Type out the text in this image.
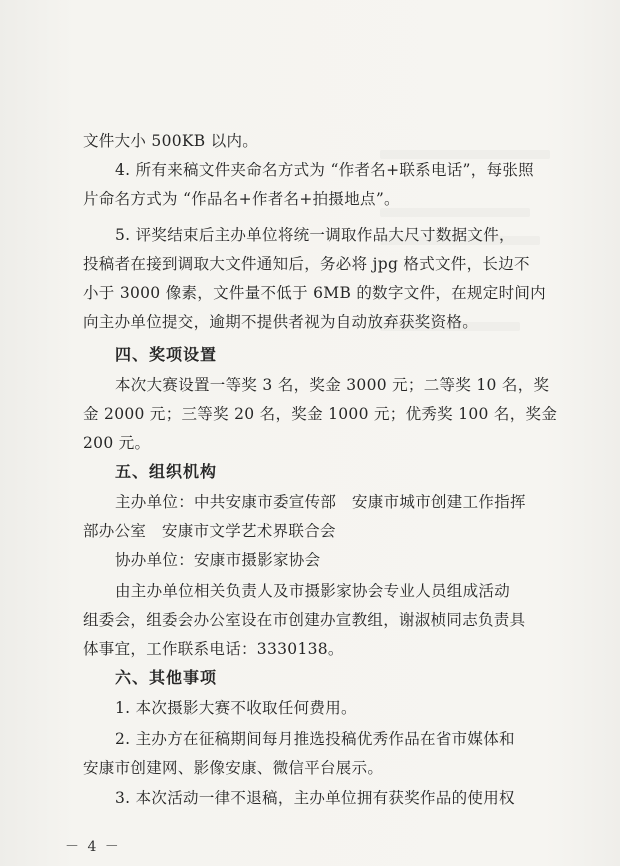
文件大小 500KB 以内。
4. 所有来稿文件夹命名方式为 “作者名+联系电话”，每张照
片命名方式为 “作品名+作者名+拍摄地点”。
5. 评奖结束后主办单位将统一调取作品大尺寸数据文件，
投稿者在接到调取大文件通知后，务必将 jpg 格式文件，长边不
小于 3000 像素，文件量不低于 6MB 的数字文件，在规定时间内
向主办单位提交，逾期不提供者视为自动放弃获奖资格。
四、奖项设置
本次大赛设置一等奖 3 名，奖金 3000 元；二等奖 10 名，奖
金 2000 元；三等奖 20 名，奖金 1000 元；优秀奖 100 名，奖金
200 元。
五、组织机构
主办单位：中共安康市委宣传部　安康市城市创建工作指挥
部办公室　安康市文学艺术界联合会
协办单位：安康市摄影家协会
由主办单位相关负责人及市摄影家协会专业人员组成活动
组委会，组委会办公室设在市创建办宣教组，谢淑桢同志负责具
体事宜，工作联系电话：3330138。
六、其他事项
1. 本次摄影大赛不收取任何费用。
2. 主办方在征稿期间每月推选投稿优秀作品在省市媒体和
安康市创建网、影像安康、微信平台展示。
3. 本次活动一律不退稿，主办单位拥有获奖作品的使用权
－ 4 －
